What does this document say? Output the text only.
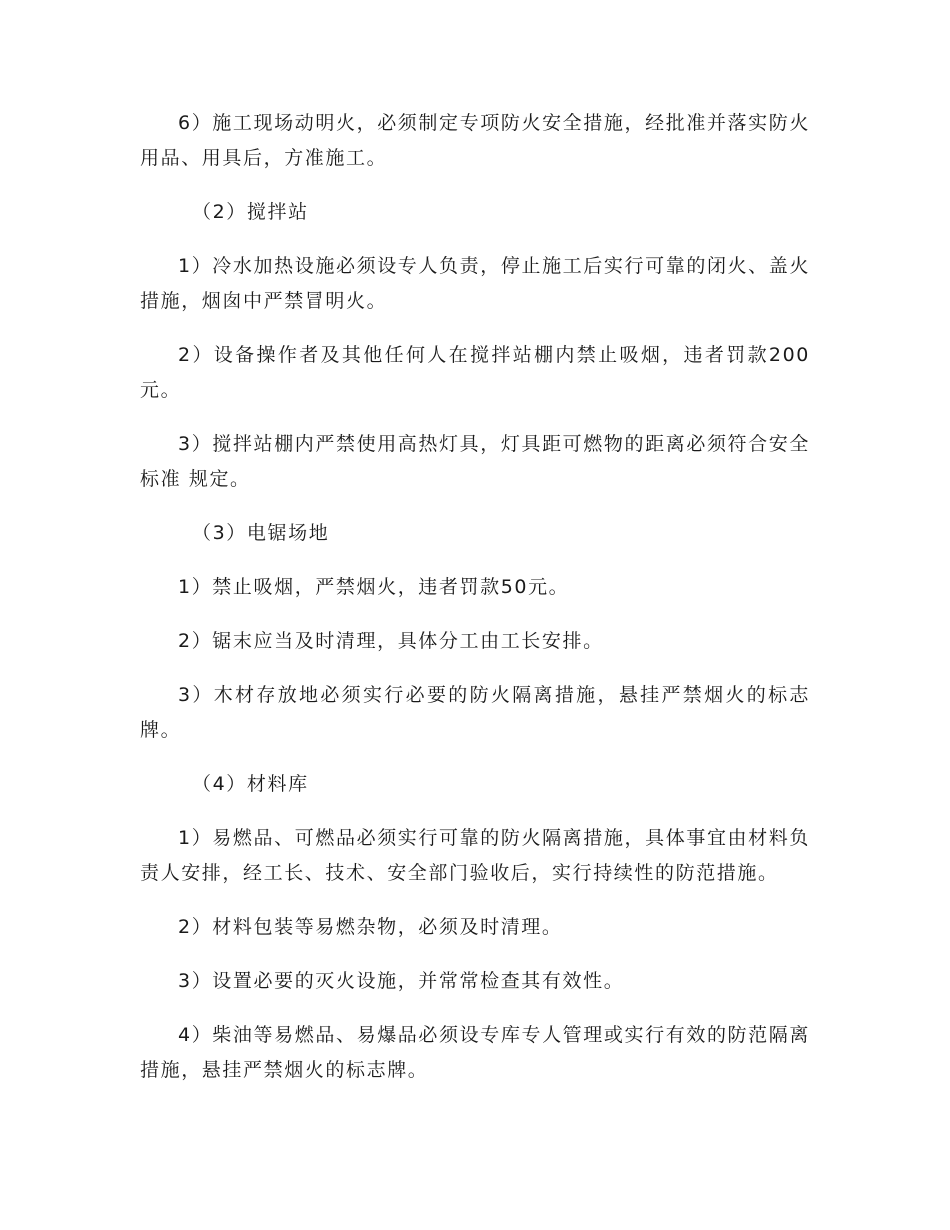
6）施工现场动明火，必须制定专项防火安全措施，经批准并落实防火用品、用具后，方准施工。

（2）搅拌站

1）冷水加热设施必须设专人负责，停止施工后实行可靠的闭火、盖火措施，烟囱中严禁冒明火。

2）设备操作者及其他任何人在搅拌站棚内禁止吸烟，违者罚款200元。

3）搅拌站棚内严禁使用高热灯具，灯具距可燃物的距离必须符合安全标准 规定。

（3）电锯场地

1）禁止吸烟，严禁烟火，违者罚款50元。

2）锯末应当及时清理，具体分工由工长安排。

3）木材存放地必须实行必要的防火隔离措施，悬挂严禁烟火的标志牌。

（4）材料库

1）易燃品、可燃品必须实行可靠的防火隔离措施，具体事宜由材料负责人安排，经工长、技术、安全部门验收后，实行持续性的防范措施。

2）材料包装等易燃杂物，必须及时清理。

3）设置必要的灭火设施，并常常检查其有效性。

4）柴油等易燃品、易爆品必须设专库专人管理或实行有效的防范隔离措施，悬挂严禁烟火的标志牌。
